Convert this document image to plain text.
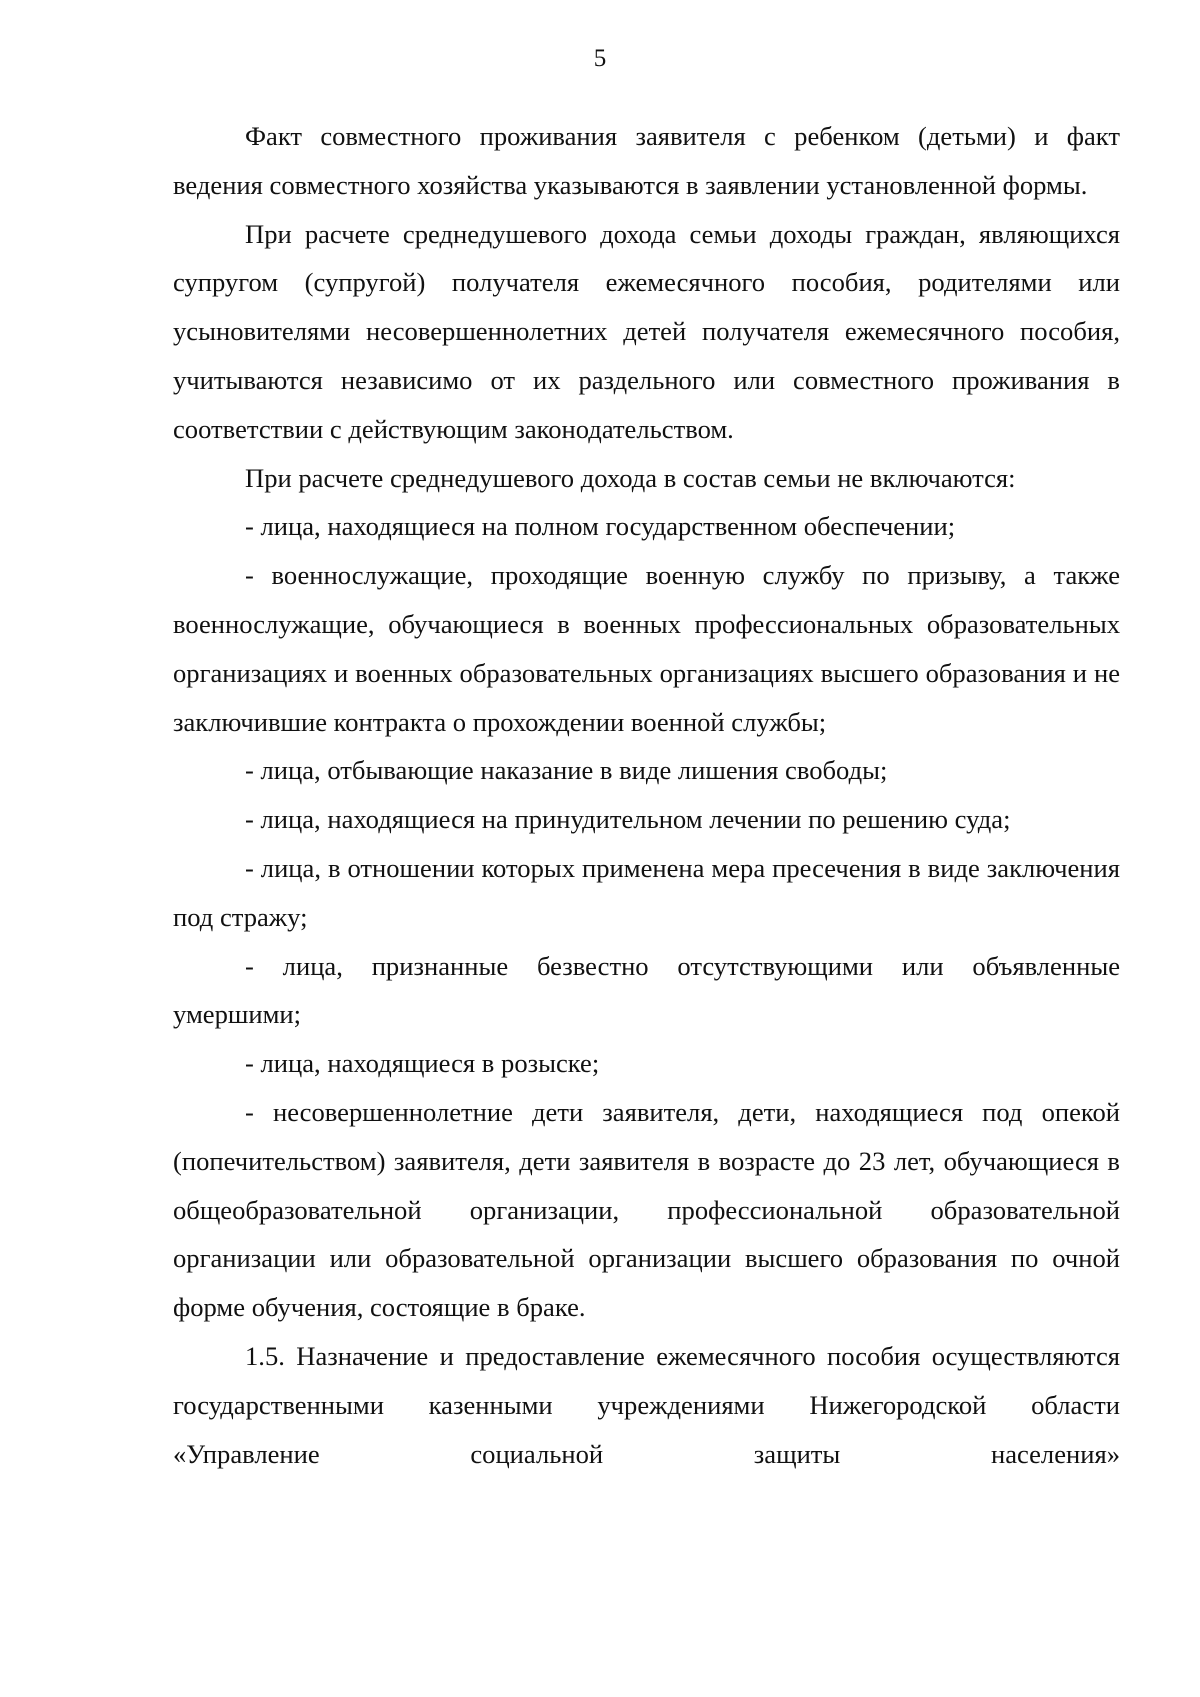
5

Факт совместного проживания заявителя с ребенком (детьми) и факт ведения совместного хозяйства указываются в заявлении установленной формы.

При расчете среднедушевого дохода семьи доходы граждан, являющихся супругом (супругой) получателя ежемесячного пособия, родителями или усыновителями несовершеннолетних детей получателя ежемесячного пособия, учитываются независимо от их раздельного или совместного проживания в соответствии с действующим законодательством.

При расчете среднедушевого дохода в состав семьи не включаются:

- лица, находящиеся на полном государственном обеспечении;

- военнослужащие, проходящие военную службу по призыву, а также военнослужащие, обучающиеся в военных профессиональных образовательных организациях и военных образовательных организациях высшего образования и не заключившие контракта о прохождении военной службы;

- лица, отбывающие наказание в виде лишения свободы;

- лица, находящиеся на принудительном лечении по решению суда;

- лица, в отношении которых применена мера пресечения в виде заключения под стражу;

- лица, признанные безвестно отсутствующими или объявленные умершими;

- лица, находящиеся в розыске;

- несовершеннолетние дети заявителя, дети, находящиеся под опекой (попечительством) заявителя, дети заявителя в возрасте до 23 лет, обучающиеся в общеобразовательной организации, профессиональной образовательной организации или образовательной организации высшего образования по очной форме обучения, состоящие в браке.

1.5. Назначение и предоставление ежемесячного пособия осуществляются государственными казенными учреждениями Нижегородской области «Управление социальной защиты населения»
